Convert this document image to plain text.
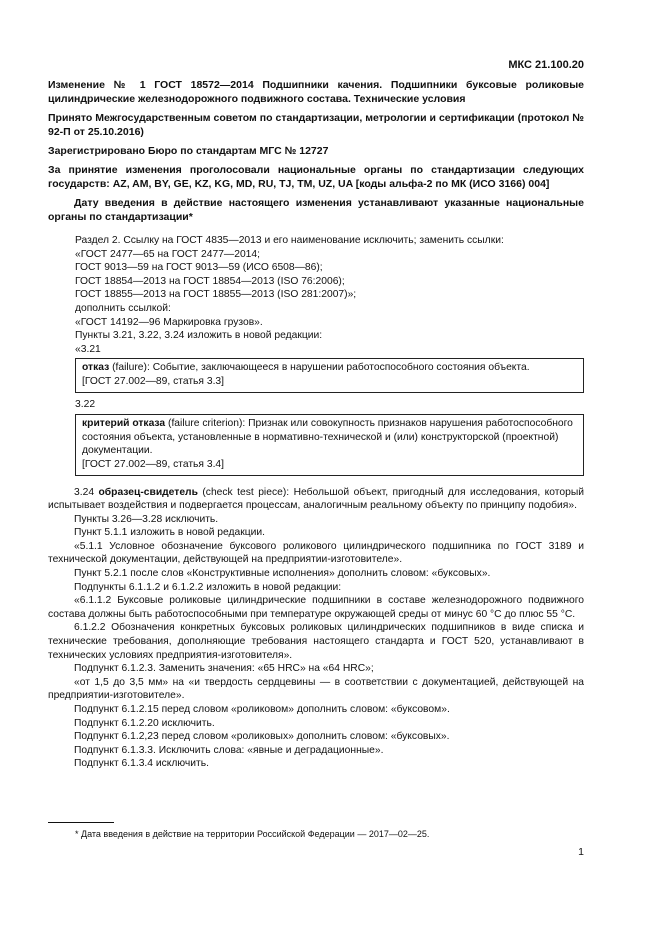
МКС 21.100.20

Изменение № 1 ГОСТ 18572—2014 Подшипники качения. Подшипники буксовые роликовые цилиндрические железнодорожного подвижного состава. Технические условия

Принято Межгосударственным советом по стандартизации, метрологии и сертификации (протокол № 92-П от 25.10.2016)

Зарегистрировано Бюро по стандартам МГС № 12727

За принятие изменения проголосовали национальные органы по стандартизации следующих государств: AZ, AM, BY, GE, KZ, KG, MD, RU, TJ, TM, UZ, UA [коды альфа-2 по МК (ИСО 3166) 004]

Дату введения в действие настоящего изменения устанавливают указанные национальные органы по стандартизации*

Раздел 2. Ссылку на ГОСТ 4835—2013 и его наименование исключить; заменить ссылки:
«ГОСТ 2477—65 на ГОСТ 2477—2014;
ГОСТ 9013—59 на ГОСТ 9013—59 (ИСО 6508—86);
ГОСТ 18854—2013 на ГОСТ 18854—2013 (ISO 76:2006);
ГОСТ 18855—2013 на ГОСТ 18855—2013 (ISO 281:2007)»;
дополнить ссылкой:
«ГОСТ 14192—96 Маркировка грузов».
Пункты 3.21, 3.22, 3.24 изложить в новой редакции:
«3.21
отказ (failure): Событие, заключающееся в нарушении работоспособного состояния объекта.
[ГОСТ 27.002—89, статья 3.3]
3.22
критерий отказа (failure criterion): Признак или совокупность признаков нарушения работоспособного состояния объекта, установленные в нормативно-технической и (или) конструкторской (проектной) документации.
[ГОСТ 27.002—89, статья 3.4]

3.24 образец-свидетель (check test piece): Небольшой объект, пригодный для исследования, который испытывает воздействия и подвергается процессам, аналогичным реальному объекту по принципу подобия».

Пункты 3.26—3.28 исключить.

Пункт 5.1.1 изложить в новой редакции.

«5.1.1 Условное обозначение буксового роликового цилиндрического подшипника по ГОСТ 3189 и технической документации, действующей на предприятии-изготовителе».

Пункт 5.2.1 после слов «Конструктивные исполнения» дополнить словом: «буксовых».

Подпункты 6.1.1.2 и 6.1.2.2 изложить в новой редакции:

«6.1.1.2 Буксовые роликовые цилиндрические подшипники в составе железнодорожного подвижного состава должны быть работоспособными при температуре окружающей среды от минус 60 °С до плюс 55 °С.

6.1.2.2 Обозначения конкретных буксовых роликовых цилиндрических подшипников в виде списка и технические требования, дополняющие требования настоящего стандарта и ГОСТ 520, устанавливают в технических условиях предприятия-изготовителя».

Подпункт 6.1.2.3. Заменить значения: «65 HRC» на «64 HRC»;

«от 1,5 до 3,5 мм» на «и твердость сердцевины — в соответствии с документацией, действующей на предприятии-изготовителе».

Подпункт 6.1.2.15 перед словом «роликовом» дополнить словом: «буксовом».

Подпункт 6.1.2.20 исключить.

Подпункт 6.1.2,23 перед словом «роликовых» дополнить словом: «буксовых».

Подпункт 6.1.3.3. Исключить слова: «явные и деградационные».

Подпункт 6.1.3.4 исключить.

* Дата введения в действие на территории Российской Федерации — 2017—02—25.
1
